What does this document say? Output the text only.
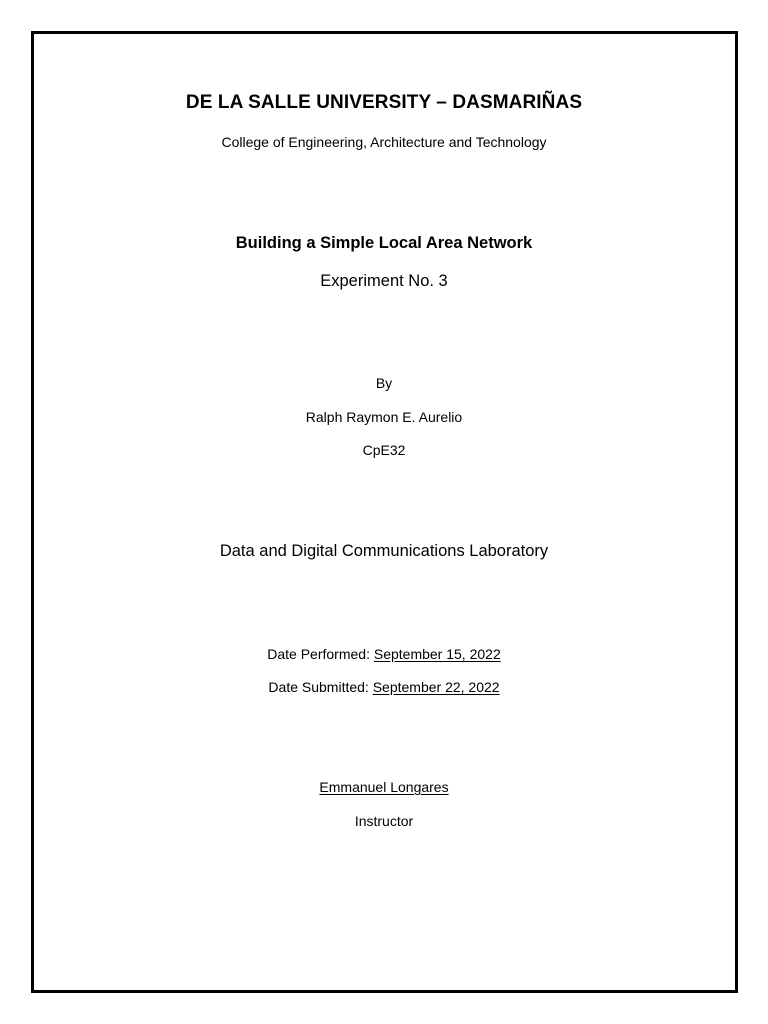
DE LA SALLE UNIVERSITY – DASMARIÑAS
College of Engineering, Architecture and Technology
Building a Simple Local Area Network
Experiment No. 3
By
Ralph Raymon E. Aurelio
CpE32
Data and Digital Communications Laboratory
Date Performed: September 15, 2022
Date Submitted: September 22, 2022
Emmanuel Longares
Instructor
